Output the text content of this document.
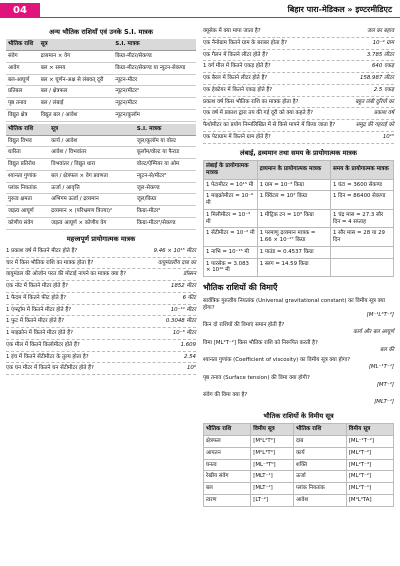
04	बिहार पारा-मेडिकल » इण्टरमीडिएट
अन्य भौतिक राशियाँ एवं उनके S.I. मात्रक
भौतिक राशि	सूत्र	S.I. मात्रक
संवेग	द्रव्यमान × वेग	किग्रा-मीटर/सेकण्ड
आवेग	बल × समय	किग्रा-मीटर/सेकण्ड या न्यूटन-सेकण्ड
बल-आघूर्ण	बल × घूर्णन-अक्ष से लंबवत् दूरी	न्यूटन-मीटर
प्रतिबल	बल / क्षेत्रफल	न्यूटन/मीटर²
पृष्ठ तनाव	बल / लंबाई	न्यूटन/मीटर
विद्युत क्षेत्र	विद्युत बल / आवेश	न्यूटन/कूलॉम
भौतिक राशि	सूत्र	S.I. मात्रक
विद्युत विभव	कार्य / आवेश	जूल/कूलॉम या वोल्ट
धारिता	आवेश / विभवांतर	कूलॉम/वोल्ट या फैराड
विद्युत प्रतिरोध	विभवांतर / विद्युत धारा	वोल्ट/ऐम्पियर या ओम
श्यानता गुणांक	बल / क्षेत्रफल × वेग प्रवणता	न्यूटन-से/मीटर²
प्लांक नियतांक	ऊर्जा / आवृत्ति	जूल-सेकण्ड
गुरुत्व क्षमता	अभिगम ऊर्जा / द्रव्यमान	जूल/किग्रा
जड़त्व आघूर्ण	द्रव्यमान × (परिभ्रमण त्रिज्या)²	किग्रा-मीटर²
कोणीय संवेग	जड़त्व आघूर्ण × कोणीय वेग	किग्रा-मीटर²/सेकण्ड
महत्त्वपूर्ण प्रायोगात्मक मात्रक
1 प्रकाश वर्ष में कितने मीटर होते हैं?	9.46 × 10¹⁵ मीटर
चार में किस भौतिक राशि का मात्रक होता है?	वायुमंडलीय दाब का
वायुमंडल की ओजोन परत की मोटाई नापने का मात्रक क्या है?	डॉब्सन
एक नॉट में कितने मीटर होते हैं?	1852 मीटर
1 फैदम में कितने फीट होते हैं?	6 फीट
1 एंग्स्ट्रॉम में कितने मीटर होते हैं?	10⁻¹⁰ मीटर
1 फुट में कितने मीटर होते हैं?	0.3048 मीटर
1 माइक्रोन में कितने मीटर होते हैं?	10⁻⁶ मीटर
एक मील में कितने किलोमीटर होते हैं?	1.609
1 इंच में कितने सेंटीमीटर के तुल्य होता है?	2.54
एक घन मीटर में कितने घन सेंटीमीटर होते हैं?	10⁶
क्यूसेक में क्या मापा जाता है?	जल का बहाव
एक नैनोग्राम कितने ग्राम के बराबर होता है?	10⁻⁹ ग्राम
एक गैलन में कितने लीटर होते हैं?	3.785 लीटर
1 वर्ग मील में कितने एकड़ होते हैं?	640 एकड़
एक बैरल में कितने लीटर होते हैं?	158.987 लीटर
एक हेक्टेयर में कितने एकड़ होते हैं?	2.5 एकड़
प्रकाश वर्ष किस भौतिक राशि का मात्रक होता है?	बहुत लंबी दूरियों का
एक वर्ष में प्रकाश द्वारा तय की गई दूरी को क्या कहते हैं?	प्रकाश वर्ष
फैथोमीटर का प्रयोग निम्नलिखित में से किसे मापने में किया जाता है?	समुद्र की गहराई को
एक पेटाग्राम में कितने ग्राम होते हैं?	10¹⁵
लंबाई, द्रव्यमान तथा समय के प्रायोगात्मक मात्रक
लंबाई के प्रायोगात्मक मात्रक	द्रव्यमान के प्रायोगात्मक मात्रक	समय के प्रायोगात्मक मात्रक
1 पेटामीटर = 10¹⁵ मी	1 ग्राम = 10⁻³ किग्रा	1 घंटा = 3600 सेकण्ड
1 माइक्रोमीटर = 10⁻⁶ मी	1 क्विंटल = 10² किग्रा	1 दिन = 86400 सेकण्ड
1 मिलीमीटर = 10⁻³ मी	1 मीट्रिक टन = 10³ किग्रा	1 चंद्र मास = 27.3 सौर दिन = 4 सप्ताह
1 सेंटीमीटर = 10⁻² मी	1 परमाणु द्रव्यमान मात्रक = 1.66 × 10⁻²⁷ किग्रा	1 सौर मास = 28 या 29 दिन
1 नाभि = 10⁻¹⁵ मी	1 पाउंड = 0.4537 किग्रा	
1 पारसेक = 3.083 × 10¹⁶ मी	1 स्लग = 14.59 किग्रा	
भौतिक राशियों की विमाएँ
सार्वत्रिक गुरुत्वीय नियतांक (Universal gravitational constant) का विमीय सूत्र क्या होगा?
[M⁻¹L³T⁻²]
किन दो राशियों की विमाएं समान होती हैं?
कार्य और बल आघूर्ण
विमा [ML²T⁻²] किस भौतिक राशि को निरूपित करती है?
बल की
श्यानता गुणांक (Coefficient of viscosity) का विमीय सूत्र क्या होगा?
[ML⁻¹T⁻¹]
पृष्ठ तनाव (Surface tension) की विमा क्या होगी?
[MT⁻²]
संवेग की विमा क्या है?
[MLT⁻¹]
भौतिक राशियों के विमीय सूत्र
भौतिक राशि	विमीय सूत्र	भौतिक राशि	विमीय सूत्र
क्षेत्रफल	[M⁰L²T⁰]	दाब	[ML⁻¹T⁻²]
आयतन	[M⁰L³T⁰]	कार्य	[ML²T⁻²]
घनत्व	[ML⁻³T⁰]	शक्ति	[ML²T⁻³]
रेखीय संवेग	[MLT⁻¹]	ऊर्जा	[ML²T⁻²]
बल	[MLT⁻²]	प्लांक नियतांक	[ML²T⁻¹]
त्वरण	[LT⁻²]	आवेश	[M⁰L⁰TA]
